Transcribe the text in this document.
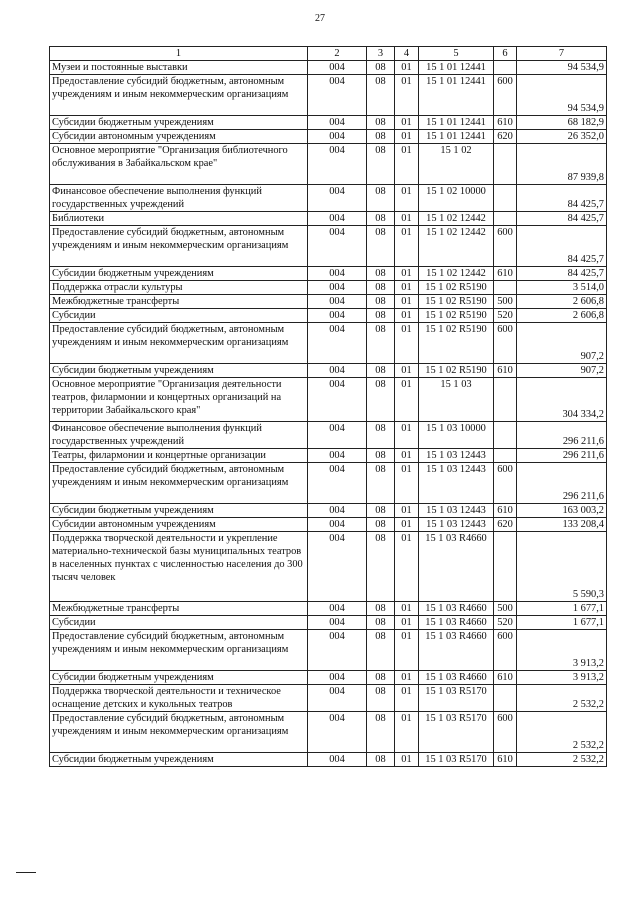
27
1	2	3	4	5	6	7
Музеи и постоянные выставки	004	08	01	15 1 01 12441		94 534,9
Предоставление субсидий бюджетным, автономным учреждениям и иным некоммерческим организациям	004	08	01	15 1 01 12441	600	94 534,9
Субсидии бюджетным учреждениям	004	08	01	15 1 01 12441	610	68 182,9
Субсидии автономным учреждениям	004	08	01	15 1 01 12441	620	26 352,0
Основное мероприятие "Организация библиотечного обслуживания в Забайкальском крае"	004	08	01	15 1 02		87 939,8
Финансовое обеспечение выполнения функций государственных учреждений	004	08	01	15 1 02 10000		84 425,7
Библиотеки	004	08	01	15 1 02 12442		84 425,7
Предоставление субсидий бюджетным, автономным учреждениям и иным некоммерческим организациям	004	08	01	15 1 02 12442	600	84 425,7
Субсидии бюджетным учреждениям	004	08	01	15 1 02 12442	610	84 425,7
Поддержка отрасли культуры	004	08	01	15 1 02 R5190		3 514,0
Межбюджетные трансферты	004	08	01	15 1 02 R5190	500	2 606,8
Субсидии	004	08	01	15 1 02 R5190	520	2 606,8
Предоставление субсидий бюджетным, автономным учреждениям и иным некоммерческим организациям	004	08	01	15 1 02 R5190	600	907,2
Субсидии бюджетным учреждениям	004	08	01	15 1 02 R5190	610	907,2
Основное мероприятие "Организация деятельности театров, филармонии и концертных организаций на территории Забайкальского края"	004	08	01	15 1 03		304 334,2
Финансовое обеспечение выполнения функций государственных учреждений	004	08	01	15 1 03 10000		296 211,6
Театры, филармонии и концертные организации	004	08	01	15 1 03 12443		296 211,6
Предоставление субсидий бюджетным, автономным учреждениям и иным некоммерческим организациям	004	08	01	15 1 03 12443	600	296 211,6
Субсидии бюджетным учреждениям	004	08	01	15 1 03 12443	610	163 003,2
Субсидии автономным учреждениям	004	08	01	15 1 03 12443	620	133 208,4
Поддержка творческой деятельности и укрепление материально-технической базы муниципальных театров в населенных пунктах с численностью населения до 300 тысяч человек	004	08	01	15 1 03 R4660		5 590,3
Межбюджетные трансферты	004	08	01	15 1 03 R4660	500	1 677,1
Субсидии	004	08	01	15 1 03 R4660	520	1 677,1
Предоставление субсидий бюджетным, автономным учреждениям и иным некоммерческим организациям	004	08	01	15 1 03 R4660	600	3 913,2
Субсидии бюджетным учреждениям	004	08	01	15 1 03 R4660	610	3 913,2
Поддержка творческой деятельности и техническое оснащение детских и кукольных театров	004	08	01	15 1 03 R5170		2 532,2
Предоставление субсидий бюджетным, автономным учреждениям и иным некоммерческим организациям	004	08	01	15 1 03 R5170	600	2 532,2
Субсидии бюджетным учреждениям	004	08	01	15 1 03 R5170	610	2 532,2
